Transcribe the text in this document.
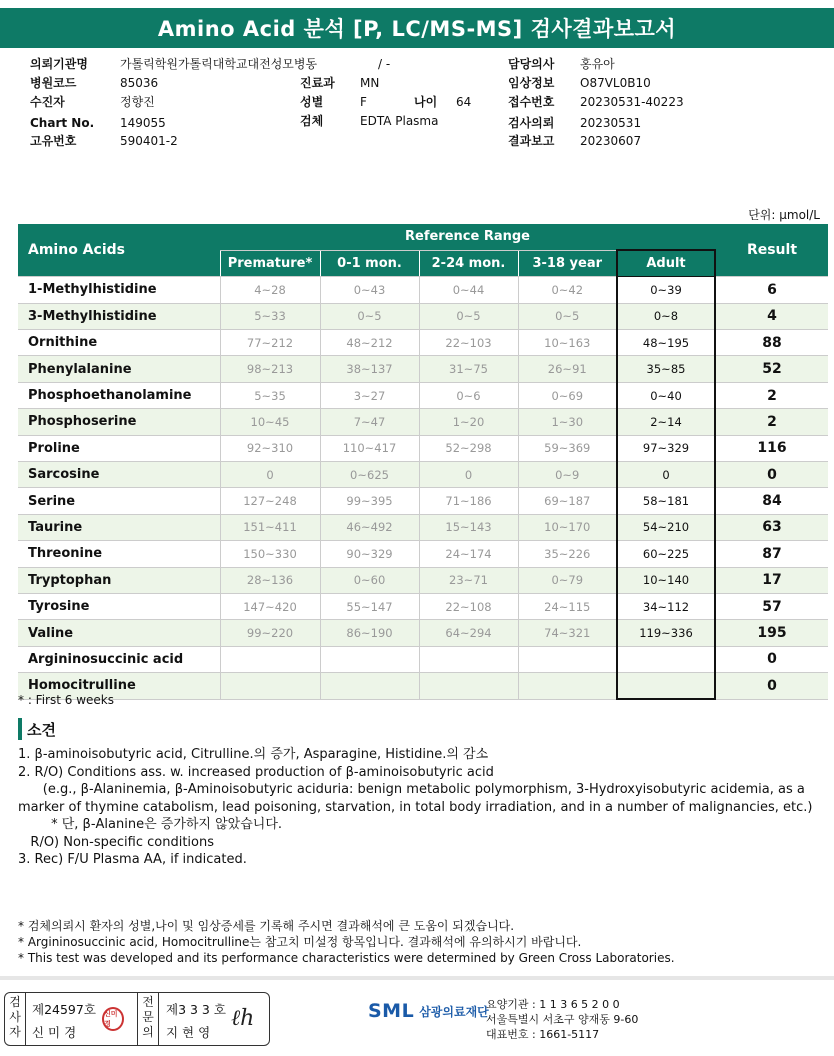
Amino Acid 분석 [P, LC/MS-MS] 검사결과보고서
의뢰기관명	가톨릭학원가톨릭대학교대전성모병동
병원코드	85036
수진자	정향진
Chart No. 149055
고유번호	590401-2
진료과 MN
성별	F
검체	EDTA Plasma
/ -
나이 64
담당의사 홍유아
임상정보 O87VL0B10
접수번호 20230531-40223
검사의뢰 20230531
결과보고 20230607
단위: μmol/L
Amino Acids	Reference Range					Result
	Premature*	0-1 mon.	2-24 mon.	3-18 year	Adult	
1-Methylhistidine	4~28	0~43	0~44	0~42	0~39	6
3-Methylhistidine	5~33	0~5	0~5	0~5	0~8	4
Ornithine	77~212	48~212	22~103	10~163	48~195	88
Phenylalanine	98~213	38~137	31~75	26~91	35~85	52
Phosphoethanolamine	5~35	3~27	0~6	0~69	0~40	2
Phosphoserine	10~45	7~47	1~20	1~30	2~14	2
Proline	92~310	110~417	52~298	59~369	97~329	116
Sarcosine	0	0~625	0	0~9	0	0
Serine	127~248	99~395	71~186	69~187	58~181	84
Taurine	151~411	46~492	15~143	10~170	54~210	63
Threonine	150~330	90~329	24~174	35~226	60~225	87
Tryptophan	28~136	0~60	23~71	0~79	10~140	17
Tyrosine	147~420	55~147	22~108	24~115	34~112	57
Valine	99~220	86~190	64~294	74~321	119~336	195
Argininosuccinic acid						0
Homocitrulline						0
* : First 6 weeks
소견

1. β-aminoisobutyric acid, Citrulline.의 증가, Asparagine, Histidine.의 감소

2. R/O) Conditions ass. w. increased production of β-aminoisobutyric acid

(e.g., β-Alaninemia, β-Aminoisobutyric aciduria: benign metabolic polymorphism, 3-Hydroxyisobutyric acidemia, as a marker of thymine catabolism, lead poisoning, starvation, in total body irradiation, and in a number of malignancies, etc.)

* 단, β-Alanine은 증가하지 않았습니다.

R/O) Non-specific conditions

3. Rec) F/U Plasma AA, if indicated.

* 검체의뢰시 환자의 성별,나이 및 임상증세를 기록해 주시면 결과해석에 큰 도움이 되겠습니다.
* Argininosuccinic acid, Homocitrulline는 참고치 미설정 항목입니다. 결과해석에 유의하시기 바랍니다.
* This test was developed and its performance characteristics were determined by Green Cross Laboratories.
검사자
제24597호
신 미 경
신미경
전문의
제3 3 3 호
지 현 영
ℓh	SML 삼광의료재단
요양기관 : 1 1 3 6 5 2 0 0
서울특별시 서초구 양재동 9-60
대표번호 : 1661-5117
